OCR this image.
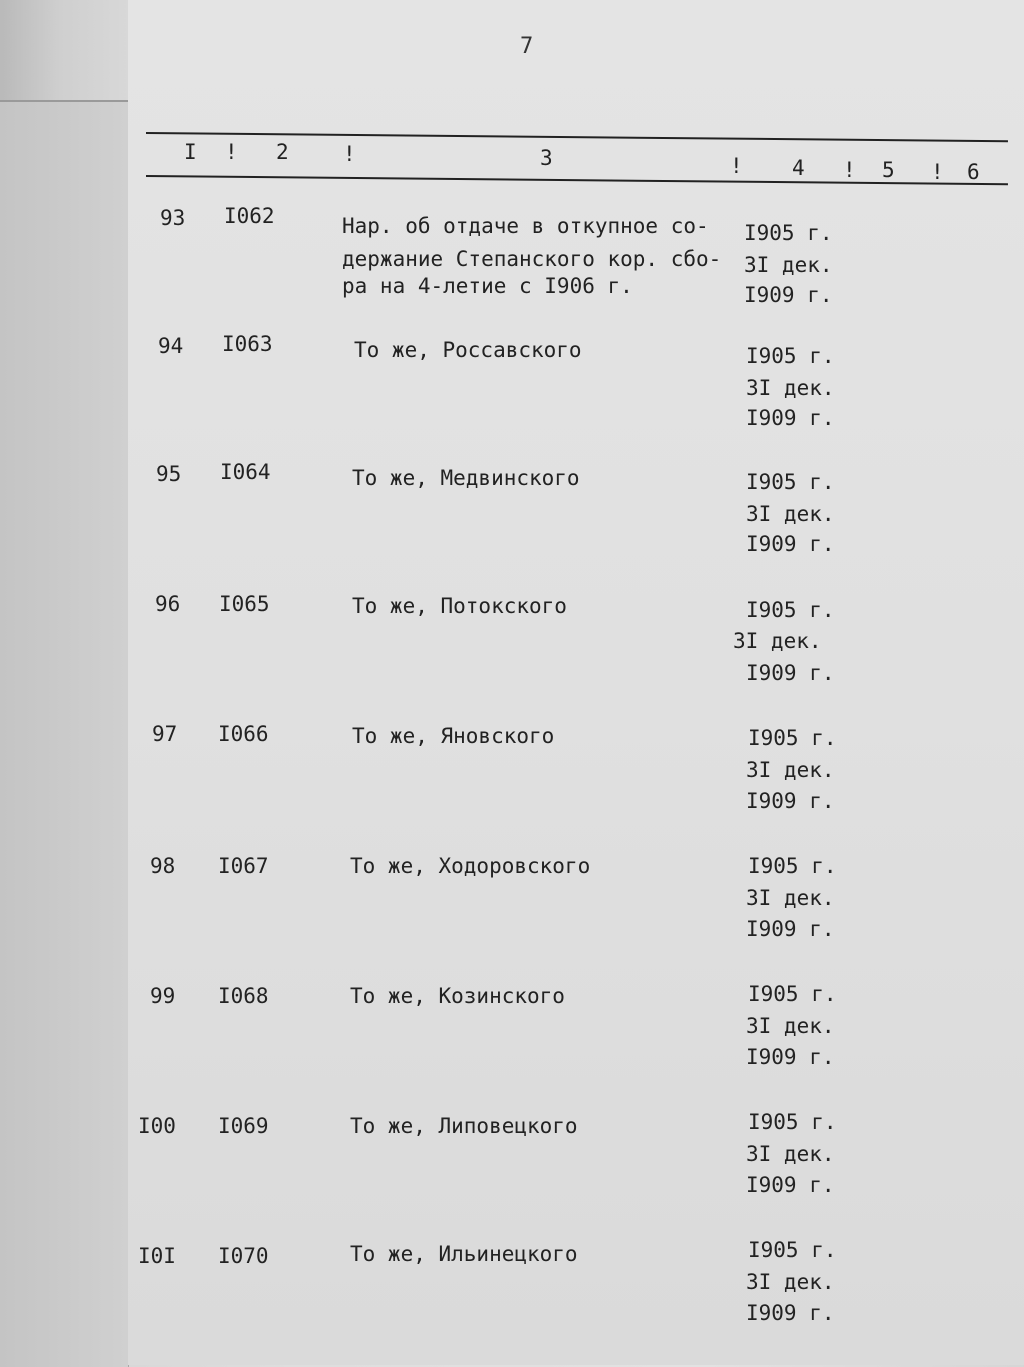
7
I ! 2	!	3	! 4 ! 5 ! 6
93 I062	Нар. об отдаче в откупное со-
держание Степанского кор. сбо-
ра на 4-летие с I906 г.
I905 г.
3I дек.
I909 г.
94 I063	То же, Россавского	I905 г.
3I дек.
I909 г.
95 I064	То же, Медвинского	I905 г.
3I дек.
I909 г.
96 I065	То же, Потокского	I905 г.
3I дек.
I909 г.
97 I066	То же, Яновского	I905 г.
3I дек.
I909 г.
98 I067	То же, Ходоровского	I905 г.
3I дек.
I909 г.
99 I068	То же, Козинского	I905 г.
3I дек.
I909 г.
I00 I069	То же, Липовецкого	I905 г.
3I дек.
I909 г.
I0I I070	То же, Ильинецкого	I905 г.
3I дек.
I909 г.
